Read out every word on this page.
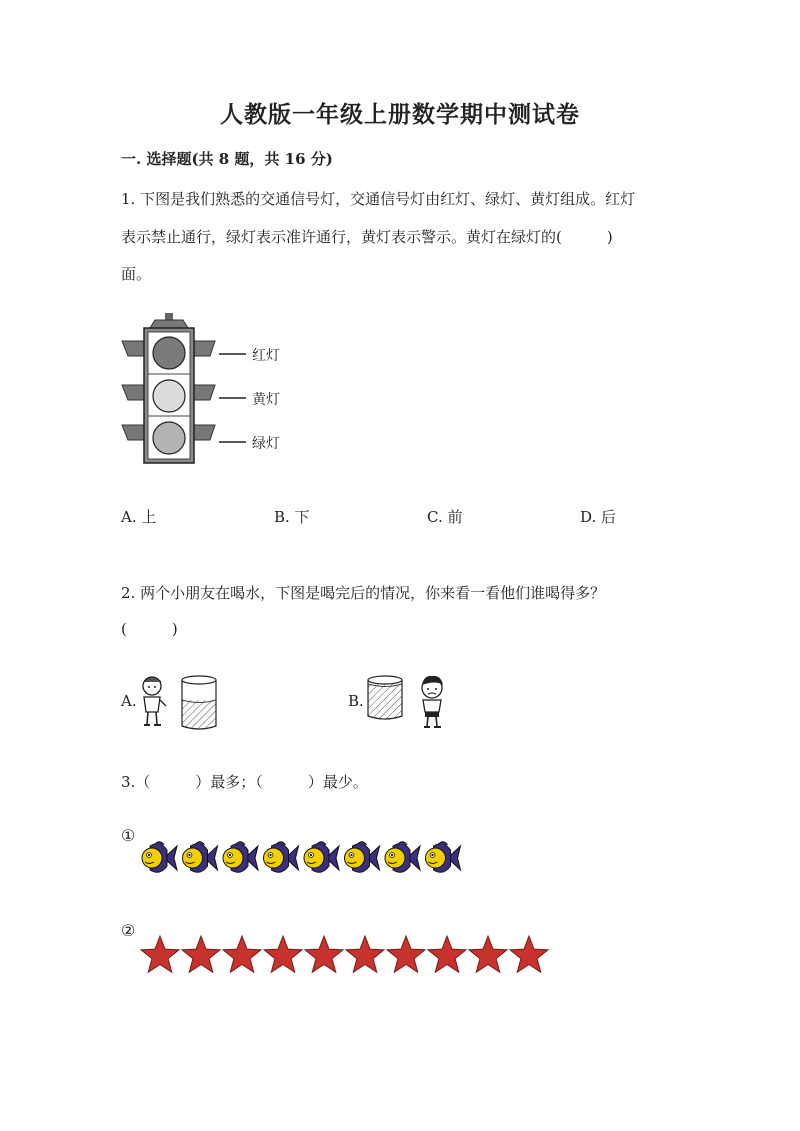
人教版一年级上册数学期中测试卷
一. 选择题(共 8 题，共 16 分)
1. 下图是我们熟悉的交通信号灯，交通信号灯由红灯、绿灯、黄灯组成。红灯
表示禁止通行，绿灯表示准许通行，黄灯表示警示。黄灯在绿灯的(　　　)
面。
红灯
黄灯
绿灯
A. 上	B. 下	C. 前	D. 后
2. 两个小朋友在喝水，下图是喝完后的情况，你来看一看他们谁喝得多？
(　　　)
A.	B.
3.（　　　）最多；（　　　）最少。
①
②
